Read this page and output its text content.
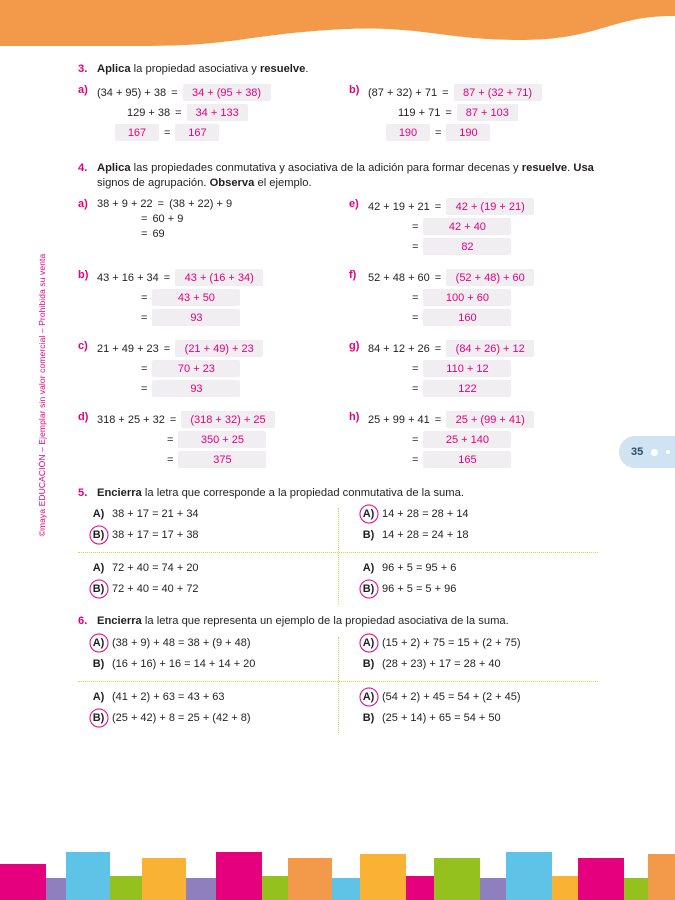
©maya EDUCACIÓN – Ejemplar sin valor comercial – Prohibida su venta	35
3. Aplica la propiedad asociativa y resuelve.
a) (34 + 95) + 38 =	34 + (95 + 38)
129 + 38 =	34 + 133
167	=	167
b) (87 + 32) + 71 =	87 + (32 + 71)
119 + 71 =	87 + 103
190	=	190
4. Aplica las propiedades conmutativa y asociativa de la adición para formar decenas y resuelve. Usa signos de agrupación. Observa el ejemplo.
a) 38 + 9 + 22 = (38 + 22) + 9
= 60 + 9
= 69
e) 42 + 19 + 21 =	42 + (19 + 21)
=	42 + 40
=	82
b) 43 + 16 + 34 =	43 + (16 + 34)
=	43 + 50
=	93
f)	52 + 48 + 60 =	(52 + 48) + 60
=	100 + 60
=	160
c) 21 + 49 + 23 =	(21 + 49) + 23
=	70 + 23
=	93
g) 84 + 12 + 26 =	(84 + 26) + 12
=	110 + 12
=	122
d) 318 + 25 + 32 =	(318 + 32) + 25
=	350 + 25
=	375
h) 25 + 99 + 41 =	25 + (99 + 41)
=	25 + 140
=	165
5. Encierra la letra que corresponde a la propiedad conmutativa de la suma.
A) 38 + 17 = 21 + 34
B) 38 + 17 = 17 + 38
A) 14 + 28 = 28 + 14
B) 14 + 28 = 24 + 18
A) 72 + 40 = 74 + 20
B) 72 + 40 = 40 + 72
A) 96 + 5 = 95 + 6
B) 96 + 5 = 5 + 96
6. Encierra la letra que representa un ejemplo de la propiedad asociativa de la suma.
A) (38 + 9) + 48 = 38 + (9 + 48)
B) (16 + 16) + 16 = 14 + 14 + 20
A) (15 + 2) + 75 = 15 + (2 + 75)
B) (28 + 23) + 17 = 28 + 40
A) (41 + 2) + 63 = 43 + 63
B) (25 + 42) + 8 = 25 + (42 + 8)
A) (54 + 2) + 45 = 54 + (2 + 45)
B) (25 + 14) + 65 = 54 + 50
